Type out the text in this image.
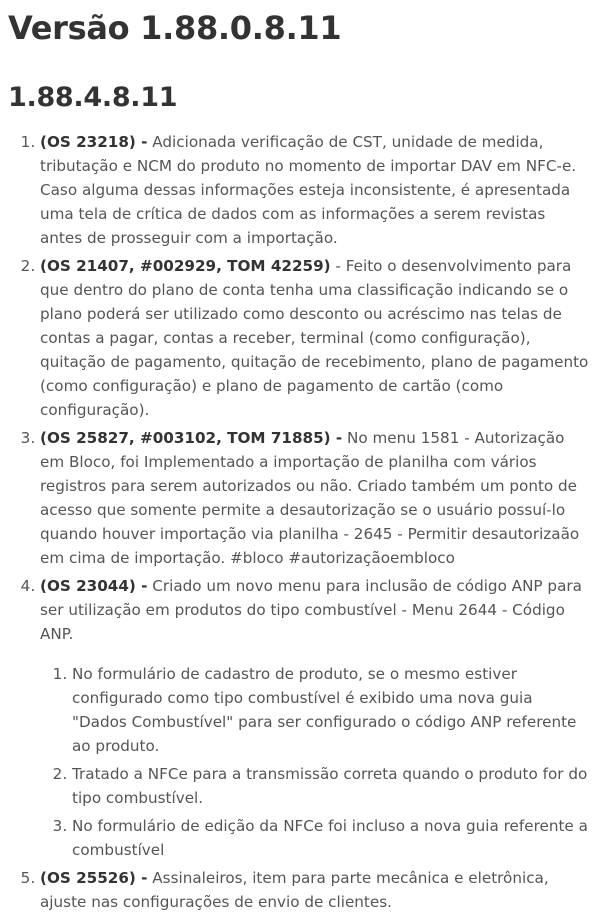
Versão 1.88.0.8.11
1.88.4.8.11
1. (OS 23218) - Adicionada verificação de CST, unidade de medida, tributação e NCM do produto no momento de importar DAV em NFC-e. Caso alguma dessas informações esteja inconsistente, é apresentada uma tela de crítica de dados com as informações a serem revistas antes de prosseguir com a importação.
2. (OS 21407, #002929, TOM 42259) - Feito o desenvolvimento para que dentro do plano de conta tenha uma classificação indicando se o plano poderá ser utilizado como desconto ou acréscimo nas telas de contas a pagar, contas a receber, terminal (como configuração), quitação de pagamento, quitação de recebimento, plano de pagamento (como configuração) e plano de pagamento de cartão (como configuração).
3. (OS 25827, #003102, TOM 71885) - No menu 1581 - Autorização em Bloco, foi Implementado a importação de planilha com vários registros para serem autorizados ou não. Criado também um ponto de acesso que somente permite a desautorização se o usuário possuí-lo quando houver importação via planilha - 2645 - Permitir desautorizaão em cima de importação. #bloco #autorizaçãoembloco
4. (OS 23044) - Criado um novo menu para inclusão de código ANP para ser utilização em produtos do tipo combustível - Menu 2644 - Código ANP.
1. No formulário de cadastro de produto, se o mesmo estiver configurado como tipo combustível é exibido uma nova guia "Dados Combustível" para ser configurado o código ANP referente ao produto.
2. Tratado a NFCe para a transmissão correta quando o produto for do tipo combustível.
3. No formulário de edição da NFCe foi incluso a nova guia referente a combustível
5. (OS 25526) - Assinaleiros, item para parte mecânica e eletrônica, ajuste nas configurações de envio de clientes.
